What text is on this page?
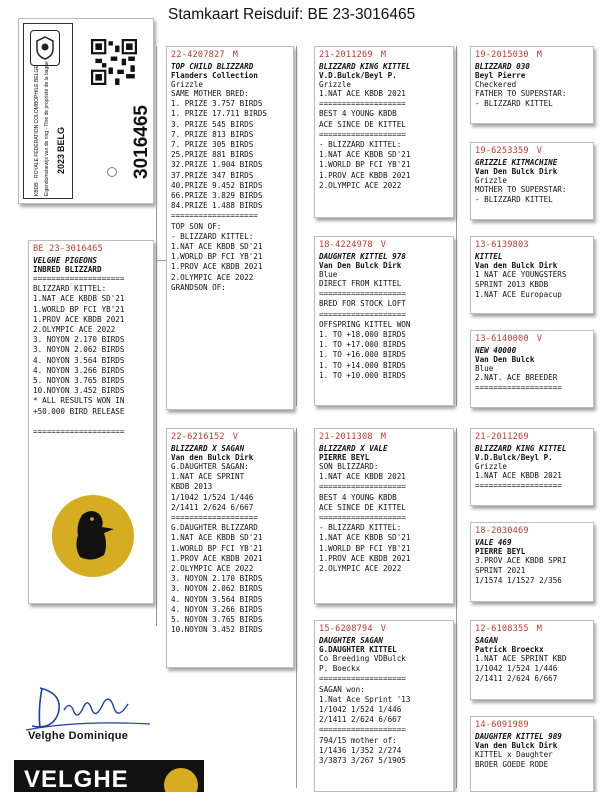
Stamkaart Reisduif: BE 23-3016465
KBDB · ROYALE FÉDÉRATION COLOMBOPHILE BELGE Eigendomsbewijs van de ring · Titre de propriété de la bague 2023
BELG	3016465
BE 23-3016465
VELGHE PIGEONS
INBRED BLIZZARD
====================
BLIZZARD KITTEL:
1.NAT ACE KBDB SD'21
1.WORLD BP FCI YB'21
1.PROV ACE KBDB 2021
2.OLYMPIC ACE 2022
3. NOYON 2.170 BIRDS
3. NOYON 2.062 BIRDS
4. NOYON 3.564 BIRDS
4. NOYON 3.266 BIRDS
5. NOYON 3.765 BIRDS
10.NOYON 3.452 BIRDS
* ALL RESULTS WON IN
+50.000 BIRD RELEASE
====================
22-4207827 M
TOP CHILD BLIZZARD
Flanders Collection
Grizzle
SAME MOTHER BRED:
1. PRIZE 3.757 BIRDS
1. PRIZE 17.711 BIRDS
3. PRIZE 545 BIRDS
7. PRIZE 813 BIRDS
7. PRIZE 305 BIRDS
25.PRIZE 881 BIRDS
32.PRIZE 1.904 BIRDS
37.PRIZE 347 BIRDS
40.PRIZE 9.452 BIRDS
66.PRIZE 3.829 BIRDS
84.PRIZE 1.488 BIRDS
===================
TOP SON OF:
- BLIZZARD KITTEL:
1.NAT ACE KBDB SD'21
1.WORLD BP FCI YB'21
1.PROV ACE KBDB 2021
2.OLYMPIC ACE 2022
GRANDSON OF:
22-6216152 V
BLIZZARD X SAGAN
Van den Bulck Dirk
G.DAUGHTER SAGAN:
1.NAT ACE SPRINT
KBDB 2013
1/1042 1/524 1/446
2/1411 2/624 6/667
===================
G.DAUGHTER BLIZZARD
1.NAT ACE KBDB SD'21
1.WORLD BP FCI YB'21
1.PROV ACE KBDB 2021
2.OLYMPIC ACE 2022
3. NOYON 2.170 BIRDS
3. NOYON 2.062 BIRDS
4. NOYON 3.564 BIRDS
4. NOYON 3.266 BIRDS
5. NOYON 3.765 BIRDS
10.NOYON 3.452 BIRDS
21-2011269 M
BLIZZARD KING KITTEL
V.D.Bulck/Beyl P.
Grizzle
1.NAT ACE KBDB 2021
===================
BEST 4 YOUNG KBDB
ACE SINCE DE KITTEL
===================
- BLIZZARD KITTEL:
1.NAT ACE KBDB SD'21
1.WORLD BP FCI YB'21
1.PROV ACE KBDB 2021
2.OLYMPIC ACE 2022
18-4224978 V
DAUGHTER KITTEL 978
Van Den Bulck Dirk
Blue
DIRECT FROM KITTEL
===================
BRED FOR STOCK LOFT
===================
OFFSPRING KITTEL WON
1. TO +18.000 BIRDS
1. TO +17.000 BIRDS
1. TO +16.000 BIRDS
1. TO +14.000 BIRDS
1. TO +10.000 BIRDS
21-2011308 M
BLIZZARD X VALE
PIERRE BEYL
SON BLIZZARD:
1.NAT ACE KBDB 2021
===================
BEST 4 YOUNG KBDB
ACE SINCE DE KITTEL
===================
- BLIZZARD KITTEL:
1.NAT ACE KBDB SD'21
1.WORLD BP FCI YB'21
1.PROV ACE KBDB 2021
2.OLYMPIC ACE 2022
15-6208794 V
DAUGHTER SAGAN
G.DAUGHTER KITTEL
Co Breeding VDBulck
P. Boeckx
===================
SAGAN won:
1.Nat Ace Sprint '13
1/1042 1/524 1/446
2/1411 2/624 6/667
===================
794/15 mother of:
1/1436 1/352 2/274
3/3873 3/267 5/1905
19-2015030 M
BLIZZARD 030
Beyl Pierre
Checkered
FATHER TO SUPERSTAR:
- BLIZZARD KITTEL
19-6253359 V
GRIZZLE KITMACHINE
Van Den Bulck Dirk
Grizzle
MOTHER TO SUPERSTAR:
- BLIZZARD KITTEL
13-6139803
KITTEL
Van den Bulck Dirk
1 NAT ACE YOUNGSTERS
SPRINT 2013 KBDB
1.NAT ACE Europacup
13-6140000 V
NEW 40000
Van Den Bulck
Blue
2.NAT. ACE BREEDER
===================
21-2011269
BLIZZARD KING KITTEL
V.D.Bulck/Beyl P.
Grizzle
1.NAT ACE KBDB 2021
===================
18-2030469
VALE 469
PIERRE BEYL
3.PROV ACE KBDB SPRI
SPRINT 2021
1/1574 1/1527 2/356
12-6108355 M
SAGAN
Patrick Broeckx
1.NAT ACE SPRINT KBD
1/1042 1/524 1/446
2/1411 2/624 6/667
14-6091989
DAUGHTER KITTEL 989
Van den Bulck Dirk
KITTEL x Daughter
BROER GOEDE RODE
Velghe Dominique
VELGHE
